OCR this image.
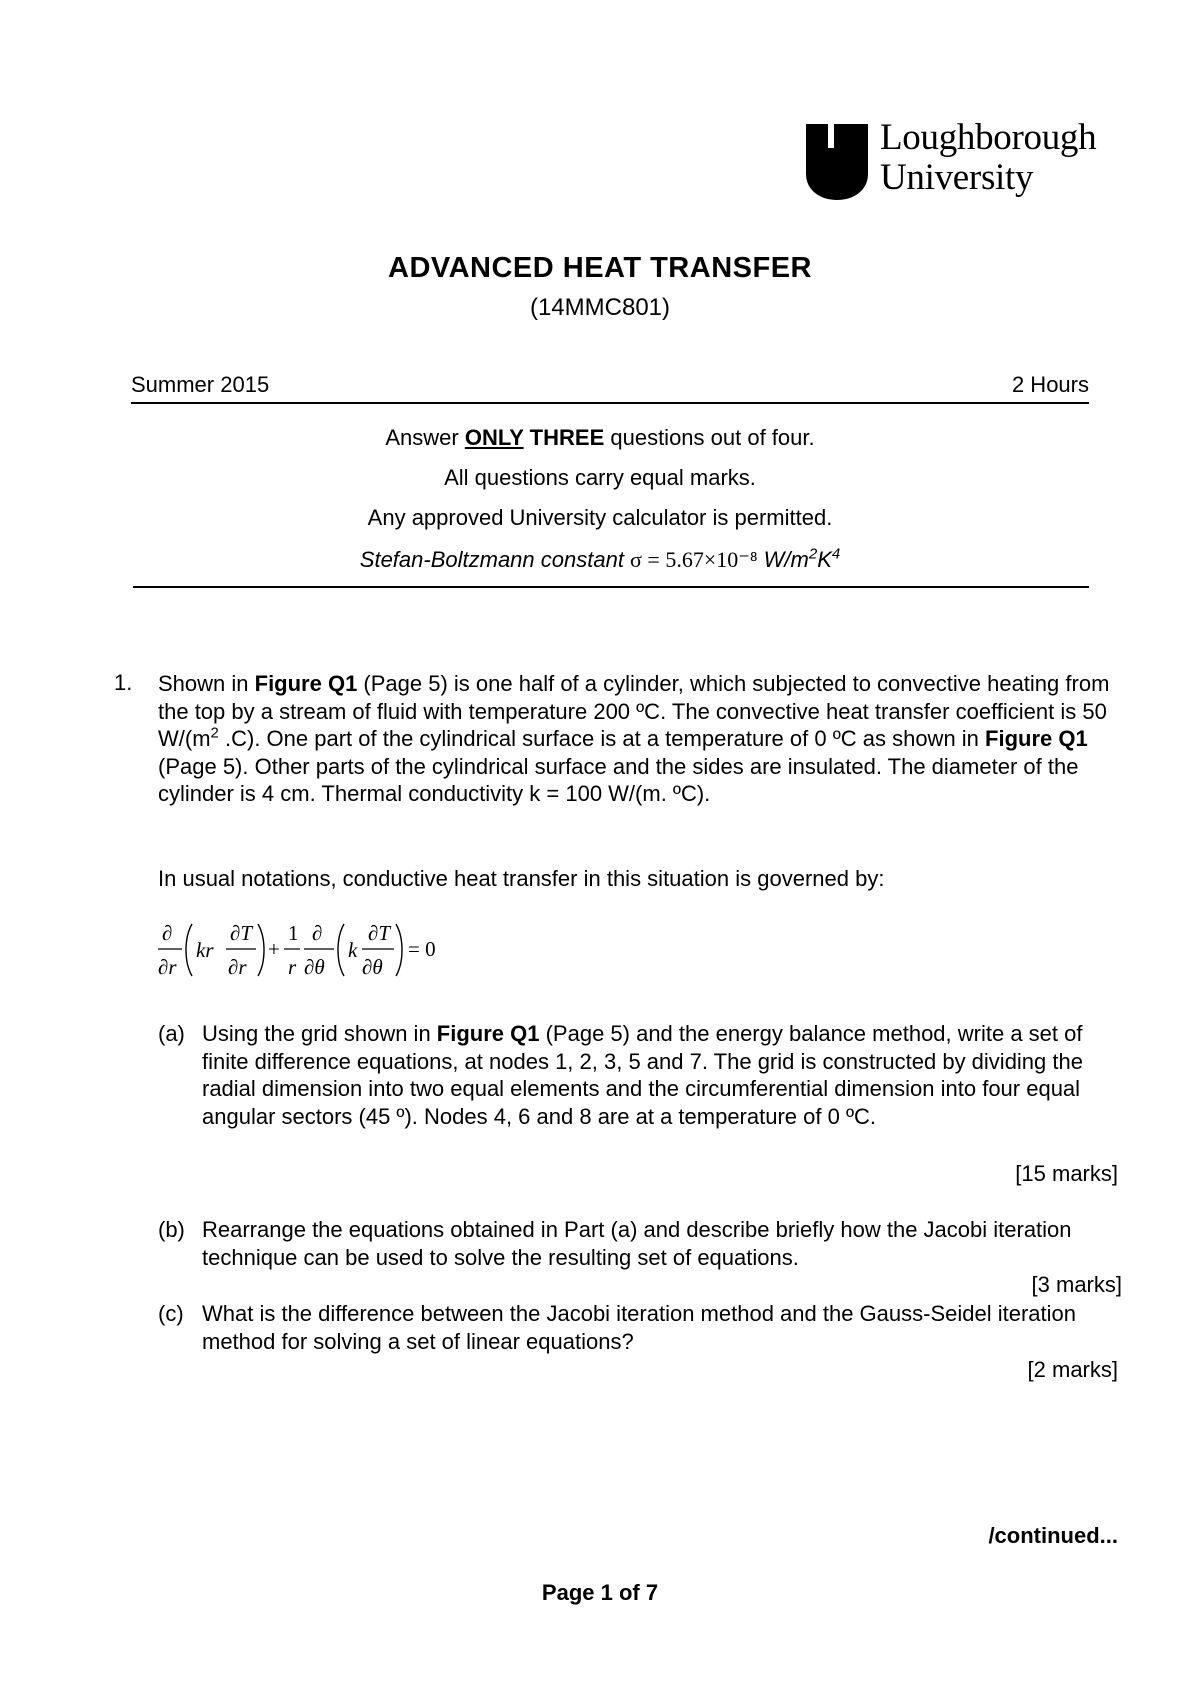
Loughborough
University
ADVANCED HEAT TRANSFER
(14MMC801)
Summer 2015	2 Hours
Answer ONLY THREE questions out of four.
All questions carry equal marks.
Any approved University calculator is permitted.
Stefan-Boltzmann constant σ = 5.67×10⁻⁸ $W/m^2K^4$
1. Shown in Figure Q1 (Page 5) is one half of a cylinder, which subjected to convective heating from the top by a stream of fluid with temperature 200 ºC. The convective heat transfer coefficient is 50 $W/(m^2$ .C). One part of the cylindrical surface is at a temperature of 0 ºC as shown in Figure Q1 (Page 5). Other parts of the cylindrical surface and the sides are insulated. The diameter of the cylinder is 4 cm. Thermal conductivity k = 100 W/(m. ºC).

In usual notations, conductive heat transfer in this situation is governed by:
∂
∂r
kr
∂T
∂r
+
1
r
∂
∂θ
k
∂T
∂θ
= 0
(a) Using the grid shown in Figure Q1 (Page 5) and the energy balance method, write a set of finite difference equations, at nodes 1, 2, 3, 5 and 7. The grid is constructed by dividing the radial dimension into two equal elements and the circumferential dimension into four equal angular sectors (45 º). Nodes 4, 6 and 8 are at a temperature of 0 ºC.
[15 marks]
(b) Rearrange the equations obtained in Part (a) and describe briefly how the Jacobi iteration technique can be used to solve the resulting set of equations.
[3 marks]
(c) What is the difference between the Jacobi iteration method and the Gauss-Seidel iteration method for solving a set of linear equations?
[2 marks]
/continued...
Page 1 of 7
